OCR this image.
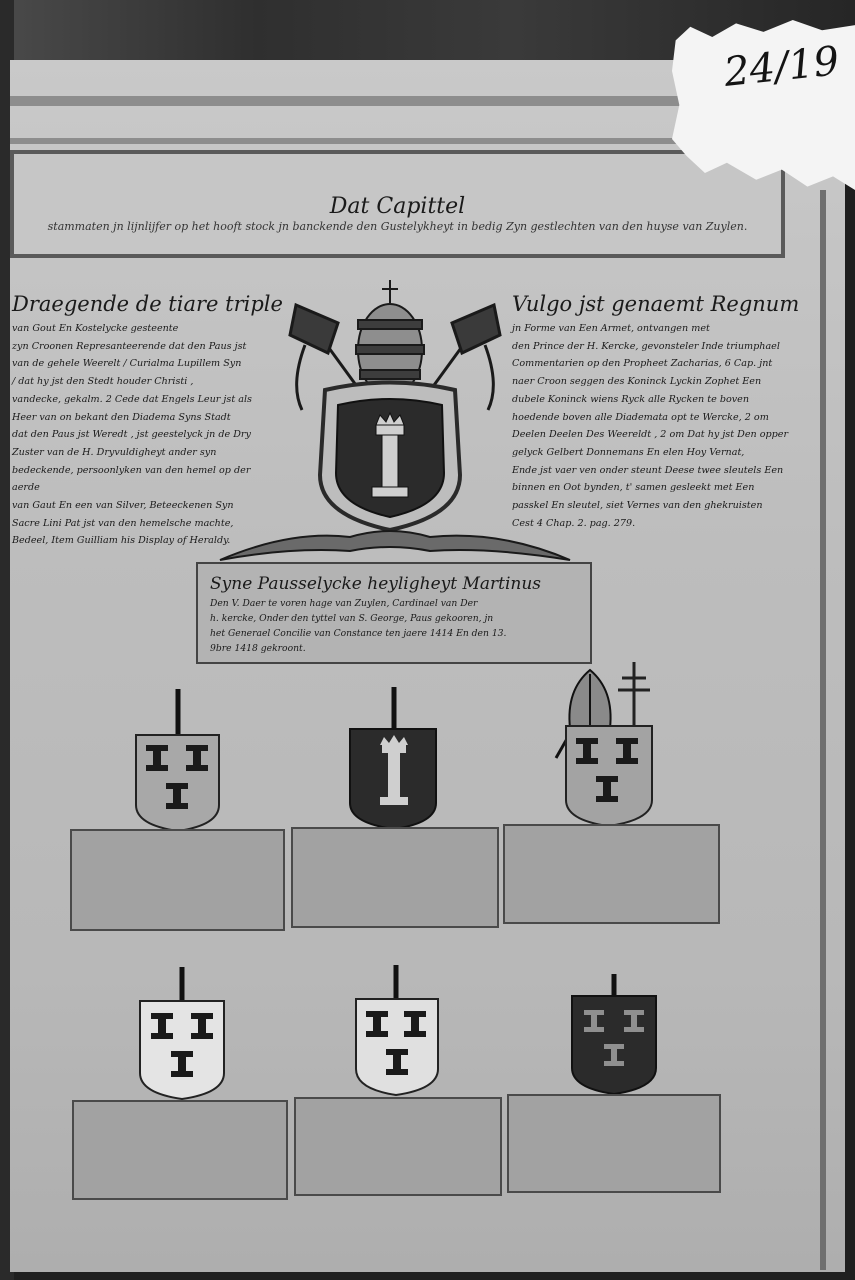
Dat Capittel
stammaten jn lijnlijfer op het hooft stock jn banckende den Gustelykheyt in bedig Zyn gestlechten van den huyse van Zuylen.
24/19
Draegende de tiare triple
van Gout En Kostelycke gesteente
zyn Croonen Represanteerende dat den Paus jst
van de gehele Weerelt / Curialma Lupillem Syn
/ dat hy jst den Stedt houder Christi ,
vandecke, gekalm. 2 Cede dat Engels Leur jst als
Heer van on bekant den Diadema Syns Stadt
dat den Paus jst Weredt , jst geestelyck jn de Dry
Zuster van de H. Dryvuldigheyt ander syn
bedeckende, persoonlyken van den hemel op der aerde
van Gaut En een van Silver, Beteeckenen Syn
Sacre Lini Pat jst van den hemelsche machte,
Bedeel, Item Guilliam his Display of Heraldy.
Vulgo jst genaemt Regnum
jn Forme van Een Armet, ontvangen met
den Prince der H. Kercke, gevonsteler Inde triumphael
Commentarien op den Propheet Zacharias, 6 Cap. jnt
naer Croon seggen des Koninck Lyckin Zophet Een
dubele Koninck wiens Ryck alle Rycken te boven
hoedende boven alle Diademata opt te Wercke, 2 om
Deelen Deelen Des Weereldt , 2 om Dat hy jst Den opper
gelyck Gelbert Donnemans En elen Hoy Vernat,
Ende jst vaer ven onder steunt Deese twee sleutels Een
binnen en Oot bynden, t' samen gesleekt met Een
passkel En sleutel, siet Vernes van den ghekruisten
Cest 4 Chap. 2. pag. 279.
Syne Pausselycke heyligheyt Martinus
Den V. Daer te voren hage van Zuylen, Cardinael van Der
h. kercke, Onder den tyttel van S. George, Paus gekooren, jn
het Generael Concilie van Constance ten jaere 1414 En den 13.
9bre 1418 gekroont.
